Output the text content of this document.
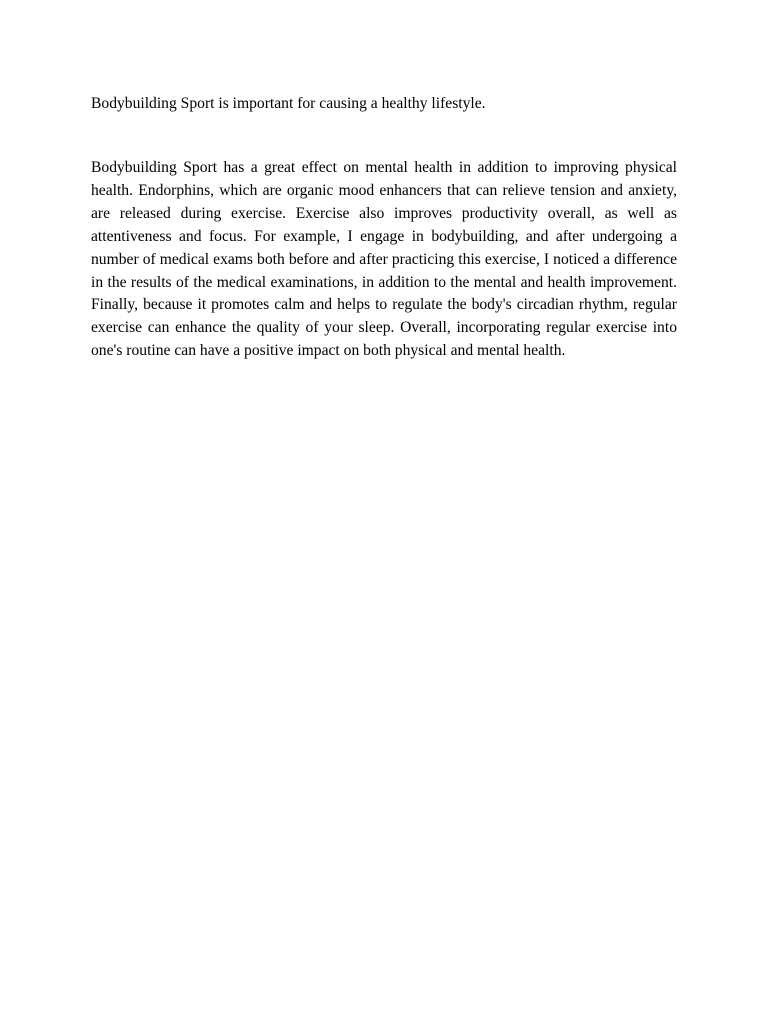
Bodybuilding Sport is important for causing a healthy lifestyle.

Bodybuilding Sport has a great effect on mental health in addition to improving physical health. Endorphins, which are organic mood enhancers that can relieve tension and anxiety, are released during exercise. Exercise also improves productivity overall, as well as attentiveness and focus. For example, I engage in bodybuilding, and after undergoing a number of medical exams both before and after practicing this exercise, I noticed a difference in the results of the medical examinations, in addition to the mental and health improvement. Finally, because it promotes calm and helps to regulate the body's circadian rhythm, regular exercise can enhance the quality of your sleep. Overall, incorporating regular exercise into one's routine can have a positive impact on both physical and mental health.
